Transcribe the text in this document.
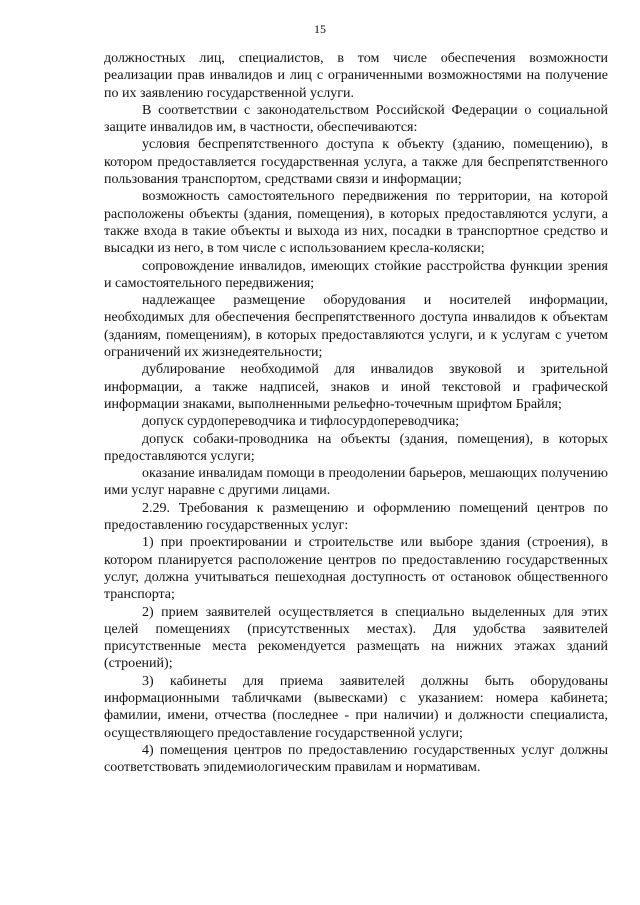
15

должностных лиц, специалистов, в том числе обеспечения возможности реализации прав инвалидов и лиц с ограниченными возможностями на получение по их заявлению государственной услуги.

В соответствии с законодательством Российской Федерации о социальной защите инвалидов им, в частности, обеспечиваются:

условия беспрепятственного доступа к объекту (зданию, помещению), в котором предоставляется государственная услуга, а также для беспрепятственного пользования транспортом, средствами связи и информации;

возможность самостоятельного передвижения по территории, на которой расположены объекты (здания, помещения), в которых предоставляются услуги, а также входа в такие объекты и выхода из них, посадки в транспортное средство и высадки из него, в том числе с использованием кресла-коляски;

сопровождение инвалидов, имеющих стойкие расстройства функции зрения и самостоятельного передвижения;

надлежащее размещение оборудования и носителей информации, необходимых для обеспечения беспрепятственного доступа инвалидов к объектам (зданиям, помещениям), в которых предоставляются услуги, и к услугам с учетом ограничений их жизнедеятельности;

дублирование необходимой для инвалидов звуковой и зрительной информации, а также надписей, знаков и иной текстовой и графической информации знаками, выполненными рельефно-точечным шрифтом Брайля;

допуск сурдопереводчика и тифлосурдопереводчика;

допуск собаки-проводника на объекты (здания, помещения), в которых предоставляются услуги;

оказание инвалидам помощи в преодолении барьеров, мешающих получению ими услуг наравне с другими лицами.

2.29. Требования к размещению и оформлению помещений центров по предоставлению государственных услуг:

1) при проектировании и строительстве или выборе здания (строения), в котором планируется расположение центров по предоставлению государственных услуг, должна учитываться пешеходная доступность от остановок общественного транспорта;

2) прием заявителей осуществляется в специально выделенных для этих целей помещениях (присутственных местах). Для удобства заявителей присутственные места рекомендуется размещать на нижних этажах зданий (строений);

3) кабинеты для приема заявителей должны быть оборудованы информационными табличками (вывесками) с указанием: номера кабинета; фамилии, имени, отчества (последнее - при наличии) и должности специалиста, осуществляющего предоставление государственной услуги;

4) помещения центров по предоставлению государственных услуг должны соответствовать эпидемиологическим правилам и нормативам.
